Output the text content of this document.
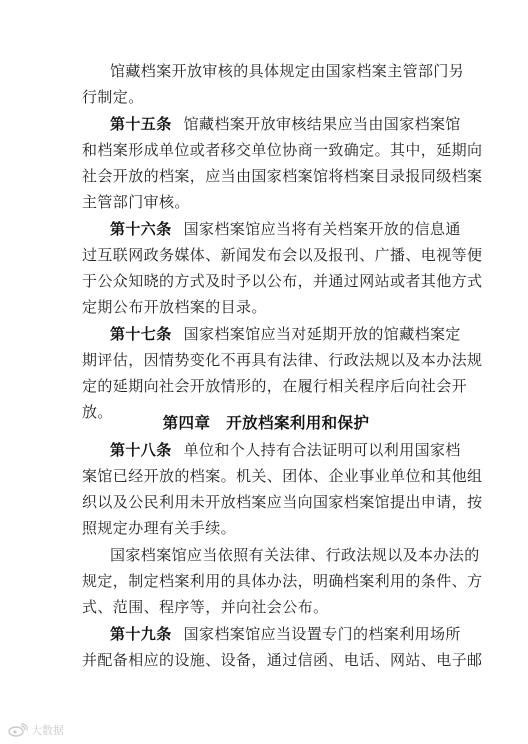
馆藏档案开放审核的具体规定由国家档案主管部门另
行制定。
第十五条 馆藏档案开放审核结果应当由国家档案馆
和档案形成单位或者移交单位协商一致确定。其中，延期向
社会开放的档案，应当由国家档案馆将档案目录报同级档案
主管部门审核。
第十六条 国家档案馆应当将有关档案开放的信息通
过互联网政务媒体、新闻发布会以及报刊、广播、电视等便
于公众知晓的方式及时予以公布，并通过网站或者其他方式
定期公布开放档案的目录。
第十七条 国家档案馆应当对延期开放的馆藏档案定
期评估，因情势变化不再具有法律、行政法规以及本办法规
定的延期向社会开放情形的，在履行相关程序后向社会开
放。
第四章　开放档案利用和保护
第十八条 单位和个人持有合法证明可以利用国家档
案馆已经开放的档案。机关、团体、企业事业单位和其他组
织以及公民利用未开放档案应当向国家档案馆提出申请，按
照规定办理有关手续。
国家档案馆应当依照有关法律、行政法规以及本办法的
规定，制定档案利用的具体办法，明确档案利用的条件、方
式、范围、程序等，并向社会公布。
第十九条 国家档案馆应当设置专门的档案利用场所
并配备相应的设施、设备，通过信函、电话、网站、电子邮
大数据
